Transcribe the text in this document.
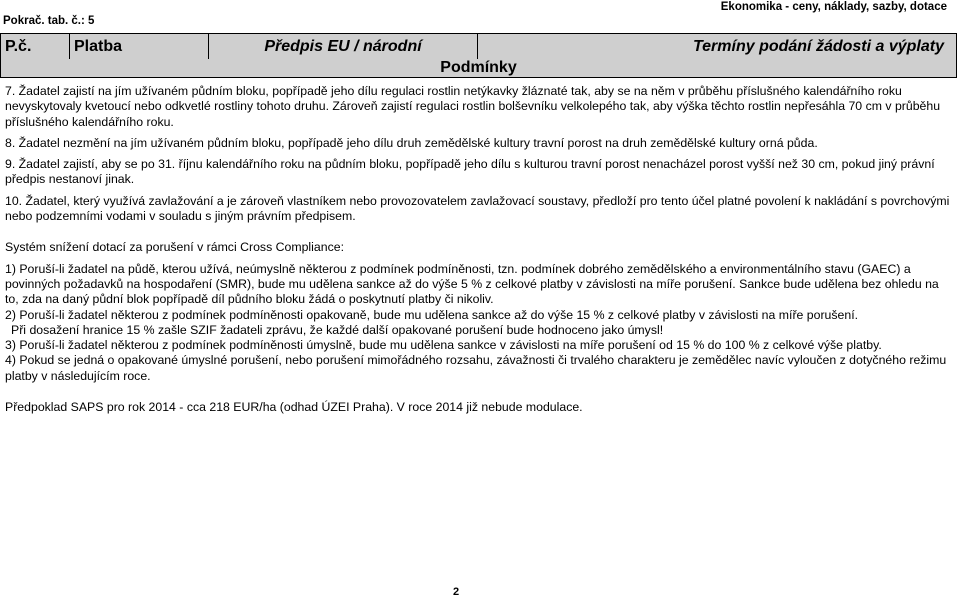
Ekonomika - ceny, náklady, sazby, dotace
Pokrač. tab. č.: 5
P.č.	Platba	Předpis EU / národní	Termíny podání žádosti a výplaty
Podmínky

7. Žadatel zajistí na jím užívaném půdním bloku, popřípadě jeho dílu regulaci rostlin netýkavky žláznaté tak, aby se na něm v průběhu příslušného kalendářního roku nevyskytovaly kvetoucí nebo odkvetlé rostliny tohoto druhu. Zároveň zajistí regulaci rostlin bolševníku velkolepého tak, aby výška těchto rostlin nepřesáhla 70 cm v průběhu příslušného kalendářního roku.

8. Žadatel nezmění na jím užívaném půdním bloku, popřípadě jeho dílu druh zemědělské kultury travní porost na druh zemědělské kultury orná půda.

9. Žadatel zajistí, aby se po 31. říjnu kalendářního roku na půdním bloku, popřípadě jeho dílu s kulturou travní porost nenacházel porost vyšší než 30 cm, pokud jiný právní předpis nestanoví jinak.

10. Žadatel, který využívá zavlažování a je zároveň vlastníkem nebo provozovatelem zavlažovací soustavy, předloží pro tento účel platné povolení k nakládání s povrchovými nebo podzemními vodami v souladu s jiným právním předpisem.

Systém snížení dotací za porušení v rámci Cross Compliance:

1) Poruší-li žadatel na půdě, kterou užívá, neúmyslně některou z podmínek podmíněnosti, tzn. podmínek dobrého zemědělského a environmentálního stavu (GAEC) a povinných požadavků na hospodaření (SMR), bude mu udělena sankce až do výše 5 % z celkové platby v závislosti na míře porušení. Sankce bude udělena bez ohledu na to, zda na daný půdní blok popřípadě díl půdního bloku žádá o poskytnutí platby či nikoliv.

2) Poruší-li žadatel některou z podmínek podmíněnosti opakovaně, bude mu udělena sankce až do výše 15 % z celkové platby v závislosti na míře porušení.

Při dosažení hranice 15 % zašle SZIF žadateli zprávu, že každé další opakované porušení bude hodnoceno jako úmysl!

3) Poruší-li žadatel některou z podmínek podmíněnosti úmyslně, bude mu udělena sankce v závislosti na míře porušení od 15 % do 100 % z celkové výše platby.

4) Pokud se jedná o opakované úmyslné porušení, nebo porušení mimořádného rozsahu, závažnosti či trvalého charakteru je zemědělec navíc vyloučen z dotyčného režimu platby v následujícím roce.

Předpoklad SAPS pro rok 2014 - cca 218 EUR/ha (odhad ÚZEI Praha). V roce 2014 již nebude modulace.

2
